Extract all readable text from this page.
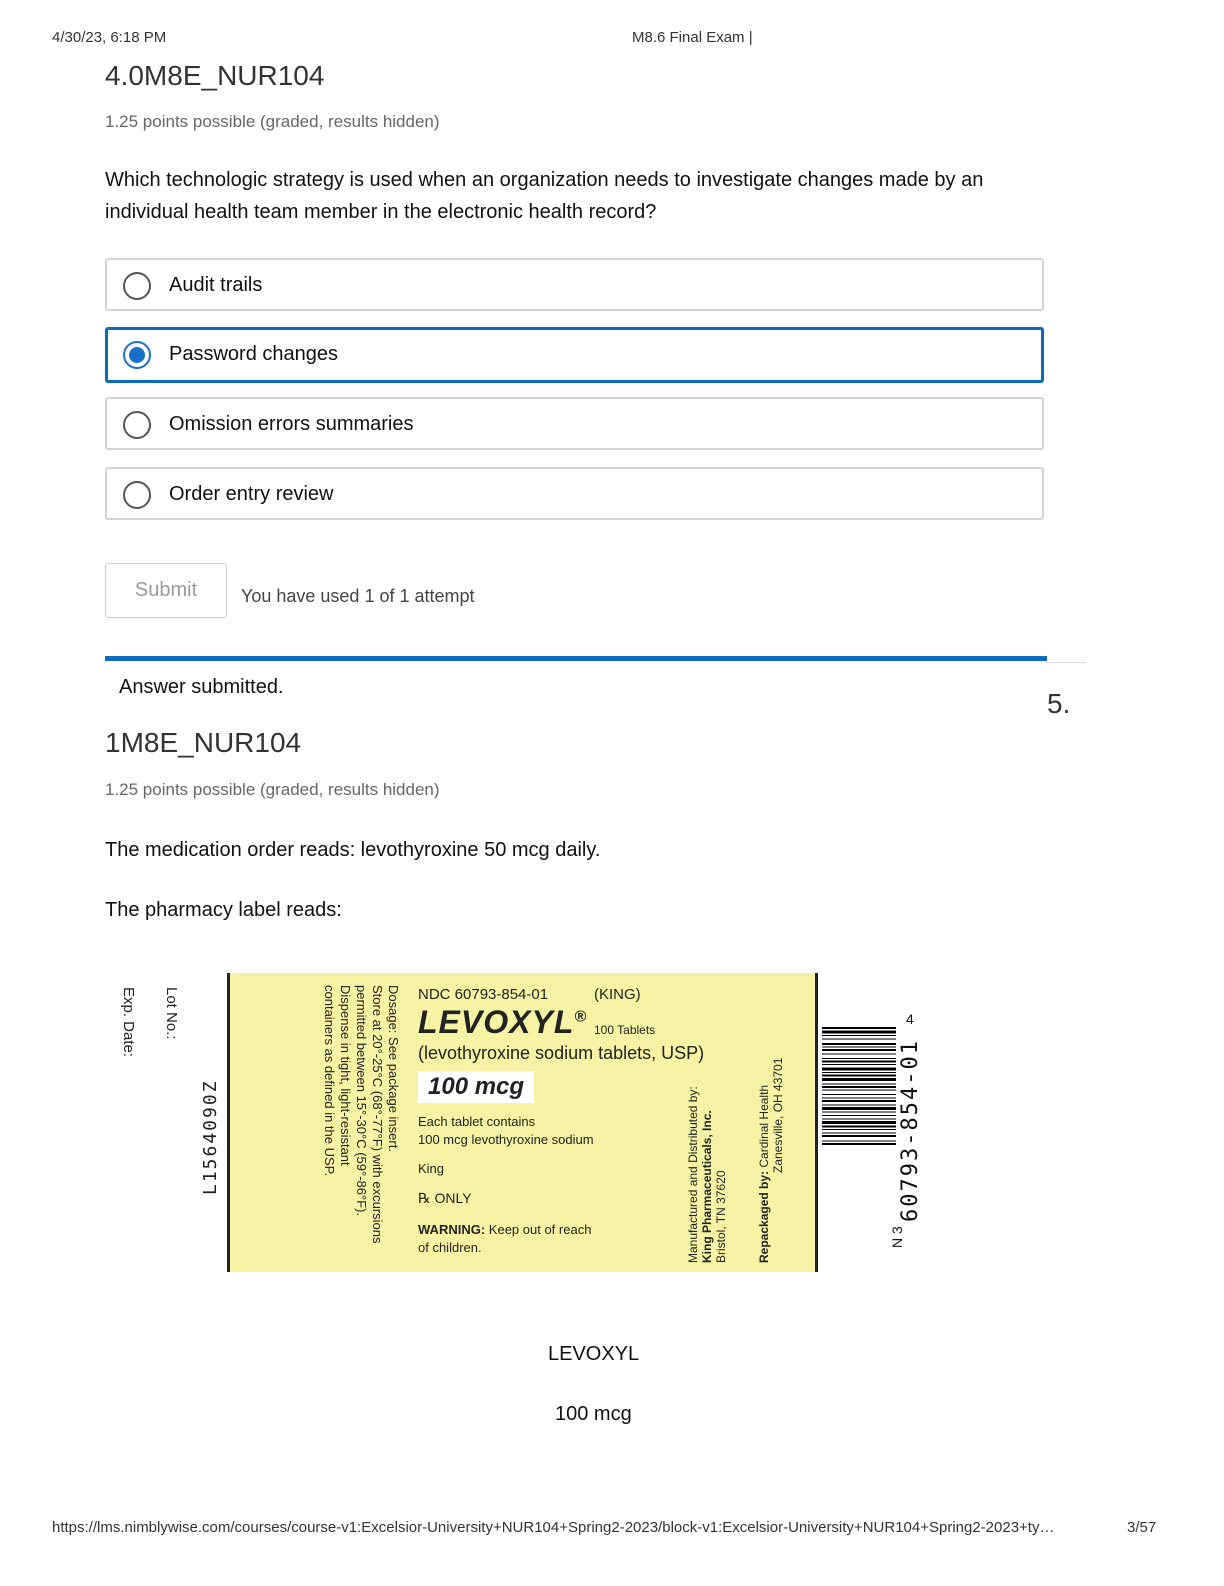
4/30/23, 6:18 PM	M8.6 Final Exam |
4.0M8E_NUR104
1.25 points possible (graded, results hidden)
Which technologic strategy is used when an organization needs to investigate changes made by an
individual health team member in the electronic health record?
Audit trails
Password changes
Omission errors summaries
Order entry review
Submit	You have used 1 of 1 attempt
Answer submitted.
5.
1M8E_NUR104
1.25 points possible (graded, results hidden)
The medication order reads: levothyroxine 50 mcg daily.
The pharmacy label reads:
Exp. Date: Lot No.:
L1564090Z	Dosage: See package insert.
Store at 20°-25°C (68°-77°F) with excursions
permitted between 15°-30°C (59°-86°F).
Dispense in tight, light-resistant
containers as defined in the USP.	NDC 60793-854-01	(KING)
LEVOXYL®
100 Tablets
(levothyroxine sodium tablets, USP)
100 mcg
Each tablet contains
100 mcg levothyroxine sodium
King
℞ ONLY
WARNING: Keep out of reach
of children.	Manufactured and Distributed by: King Pharmaceuticals, Inc. Bristol, TN 37620 Repackaged by: Cardinal Health Zanesville, OH 43701	60793-854-01
4
N 3
LEVOXYL
100 mcg
https://lms.nimblywise.com/courses/course-v1:Excelsior-University+NUR104+Spring2-2023/block-v1:Excelsior-University+NUR104+Spring2-2023+ty…	3/57
